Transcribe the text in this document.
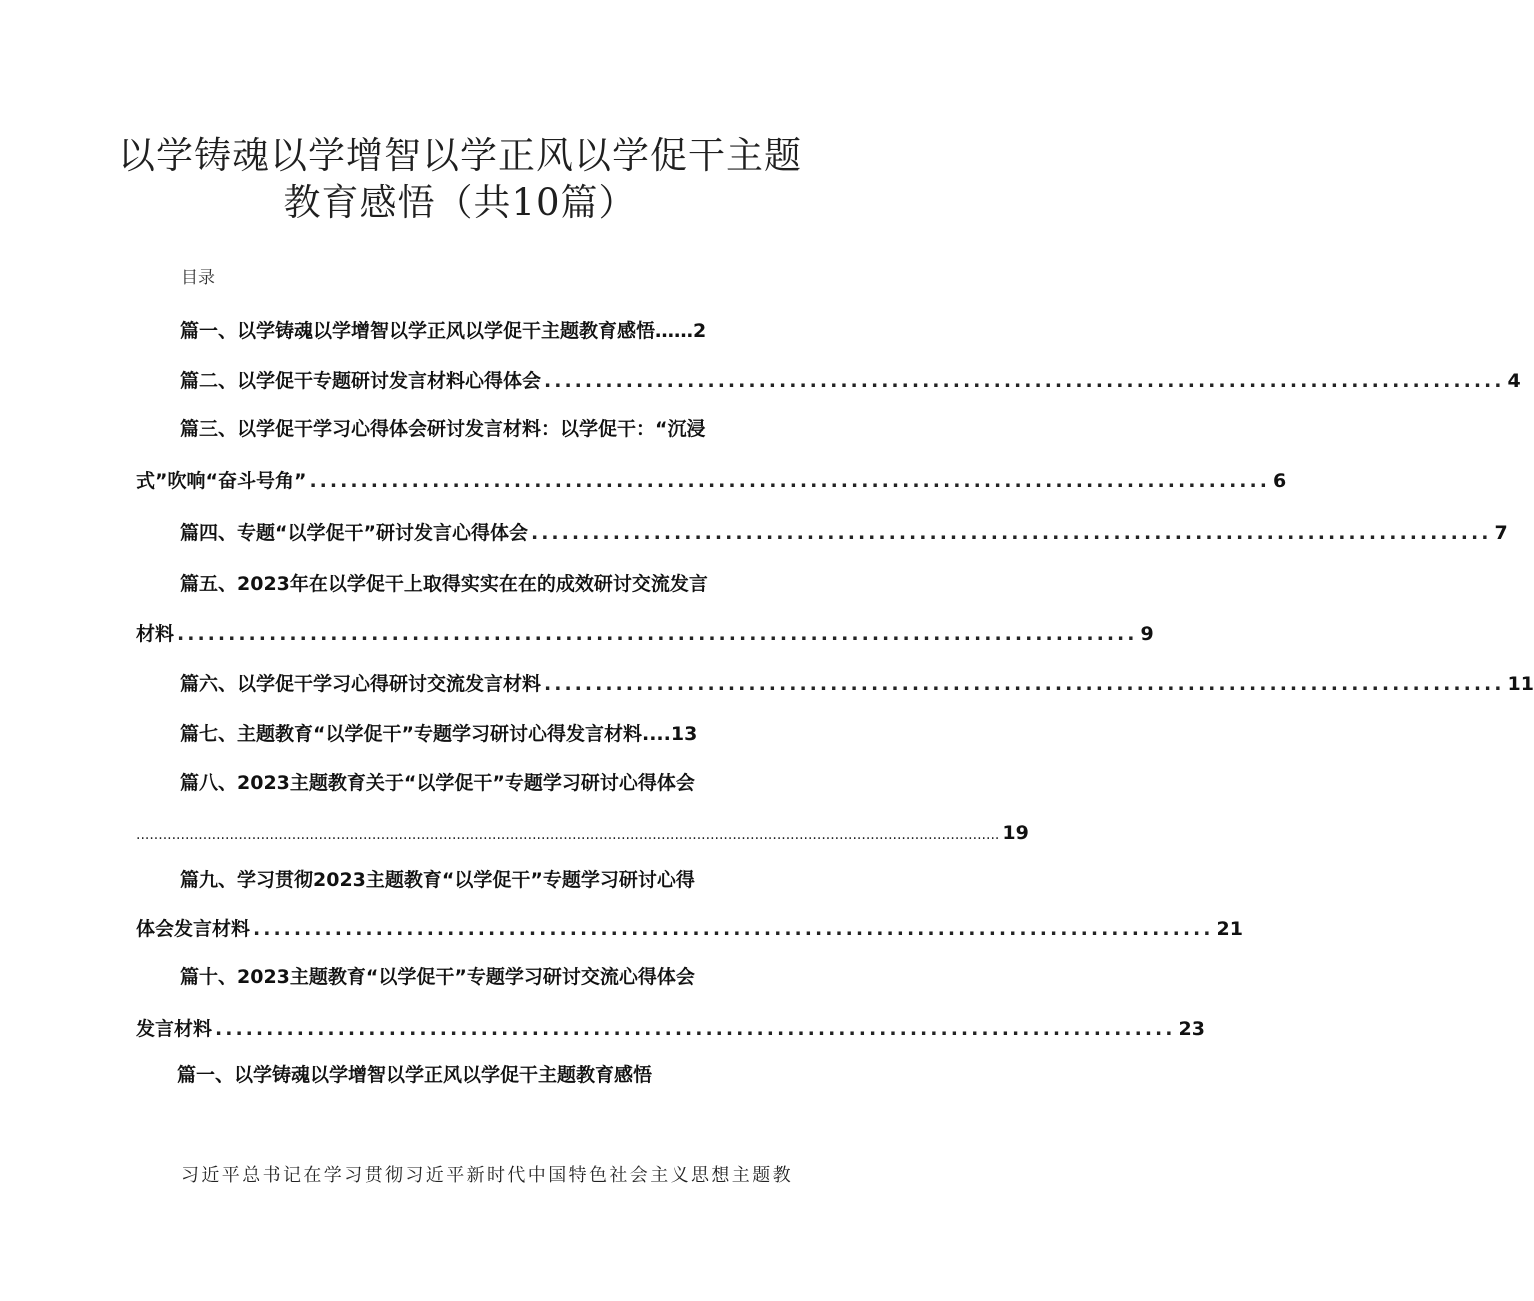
以学铸魂以学增智以学正风以学促干主题
教育感悟（共10篇）
目录
篇一、以学铸魂以学增智以学正风以学促干主题教育感悟…… 2
篇二、以学促干专题研讨发言材料心得体会 .............................................................................................. 4
篇三、以学促干学习心得体会研讨发言材料：以学促干：“沉浸
式”吹响“奋斗号角” .............................................................................................. 6
篇四、专题“以学促干”研讨发言心得体会 .............................................................................................. 7
篇五、2023年在以学促干上取得实实在在的成效研讨交流发言
材料 .............................................................................................. 9
篇六、以学促干学习心得研讨交流发言材料 .............................................................................................. 11
篇七、主题教育“以学促干”专题学习研讨心得发言材料.... 13
篇八、2023主题教育关于“以学促干”专题学习研讨心得体会
.................................................................................................................................................................................................. 19
篇九、学习贯彻2023主题教育“以学促干”专题学习研讨心得
体会发言材料 .............................................................................................. 21
篇十、2023主题教育“以学促干”专题学习研讨交流心得体会
发言材料 .............................................................................................. 23
篇一、以学铸魂以学增智以学正风以学促干主题教育感悟
习近平总书记在学习贯彻习近平新时代中国特色社会主义思想主题教
